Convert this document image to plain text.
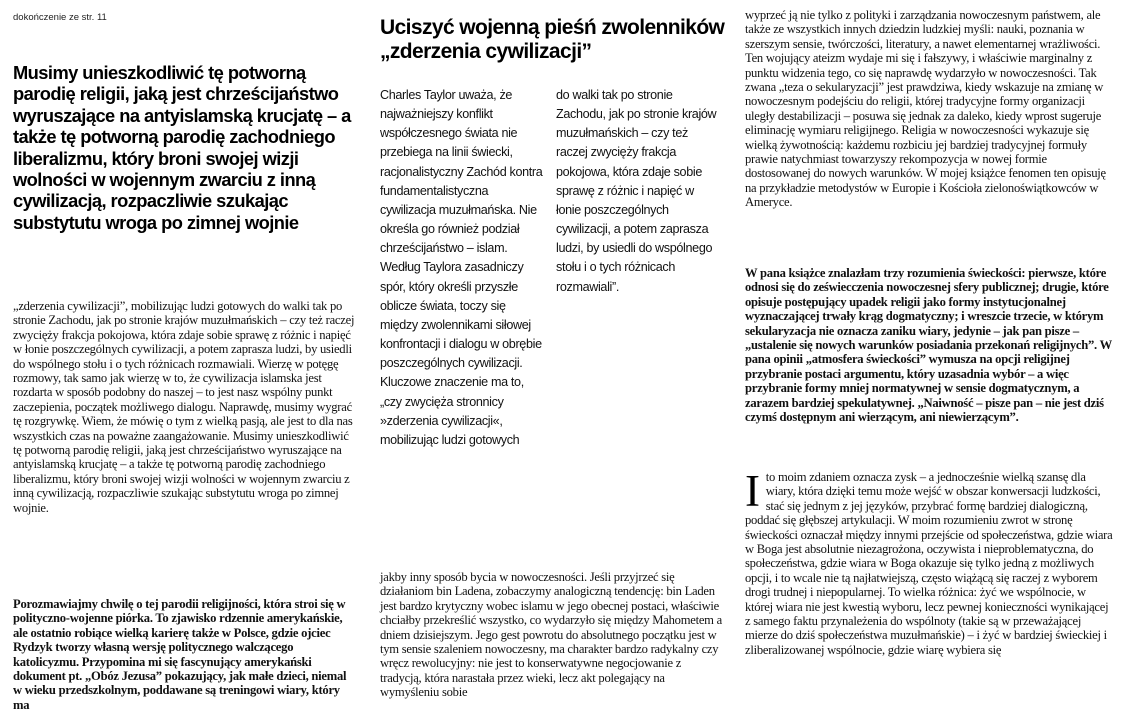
dokończenie ze str. 11
Musimy unieszkodliwić tę potworną parodię religii, jaką jest chrześcijaństwo wyruszające na antyislamską krucjatę – a także tę potworną parodię zachodniego liberalizmu, który broni swojej wizji wolności w wojennym zwarciu z inną cywilizacją, rozpaczliwie szukając substytutu wroga po zimnej wojnie

„zderzenia cywilizacji”, mobilizując ludzi gotowych do walki tak po stronie Zachodu, jak po stronie krajów muzułmańskich – czy też raczej zwycięży frakcja pokojowa, która zdaje sobie sprawę z różnic i napięć w łonie poszczególnych cywilizacji, a potem zaprasza ludzi, by usiedli do wspólnego stołu i o tych różnicach rozmawiali. Wierzę w potęgę rozmowy, tak samo jak wierzę w to, że cywilizacja islamska jest rozdarta w sposób podobny do naszej – to jest nasz wspólny punkt zaczepienia, początek możliwego dialogu. Naprawdę, musimy wygrać tę rozgrywkę. Wiem, że mówię o tym z wielką pasją, ale jest to dla nas wszystkich czas na poważne zaangażowanie. Musimy unieszkodliwić tę potworną parodię religii, jaką jest chrześcijaństwo wyruszające na antyislamską krucjatę – a także tę potworną parodię zachodniego liberalizmu, który broni swojej wizji wolności w wojennym zwarciu z inną cywilizacją, rozpaczliwie szukając substytutu wroga po zimnej wojnie.

Porozmawiajmy chwilę o tej parodii religijności, która stroi się w polityczno-wojenne piórka. To zjawisko rdzennie amerykańskie, ale ostatnio robiące wielką karierę także w Polsce, gdzie ojciec Rydzyk tworzy własną wersję politycznego walczącego katolicyzmu. Przypomina mi się fascynujący amerykański dokument pt. „Obóz Jezusa” pokazujący, jak małe dzieci, niemal w wieku przedszkolnym, poddawane są treningowi wiary, który ma

Uciszyć wojenną pieśń zwolenników „zderzenia cywilizacji”

Charles Taylor uważa, że najważniejszy konflikt współczesnego świata nie przebiega na linii świecki, racjonalistyczny Zachód kontra fundamentalistyczna cywilizacja muzułmańska. Nie określa go również podział chrześcijaństwo – islam. Według Taylora zasadniczy spór, który określi przyszłe oblicze świata, toczy się między zwolennikami siłowej konfrontacji i dialogu w obrębie poszczególnych cywilizacji. Kluczowe znaczenie ma to, „czy zwycięża stronnicy »zderzenia cywilizacji«, mobilizując ludzi gotowych

do walki tak po stronie Zachodu, jak po stronie krajów muzułmańskich – czy też raczej zwycięży frakcja pokojowa, która zdaje sobie sprawę z różnic i napięć w łonie poszczególnych cywilizacji, a potem zaprasza ludzi, by usiedli do wspólnego stołu i o tych różnicach rozmawiali”.

jakby inny sposób bycia w nowoczesności. Jeśli przyjrzeć się działaniom bin Ladena, zobaczymy analogiczną tendencję: bin Laden jest bardzo krytyczny wobec islamu w jego obecnej postaci, właściwie chciałby przekreślić wszystko, co wydarzyło się między Mahometem a dniem dzisiejszym. Jego gest powrotu do absolutnego początku jest w tym sensie szaleniem nowoczesny, ma charakter bardzo radykalny czy wręcz rewolucyjny: nie jest to konserwatywne negocjowanie z tradycją, która narastała przez wieki, lecz akt polegający na wymyśleniu sobie

wyprzeć ją nie tylko z polityki i zarządzania nowoczesnym państwem, ale także ze wszystkich innych dziedzin ludzkiej myśli: nauki, poznania w szerszym sensie, twórczości, literatury, a nawet elementarnej wrażliwości. Ten wojujący ateizm wydaje mi się i fałszywy, i właściwie marginalny z punktu widzenia tego, co się naprawdę wydarzyło w nowoczesności. Tak zwana „teza o sekularyzacji” jest prawdziwa, kiedy wskazuje na zmianę w nowoczesnym podejściu do religii, której tradycyjne formy organizacji uległy destabilizacji – posuwa się jednak za daleko, kiedy wprost sugeruje eliminację wymiaru religijnego. Religia w nowoczesności wykazuje się wielką żywotnością: każdemu rozbiciu jej bardziej tradycyjnej formuły prawie natychmiast towarzyszy rekompozycja w nowej formie dostosowanej do nowych warunków. W mojej książce fenomen ten opisuję na przykładzie metodystów w Europie i Kościoła zielonoświątkowców w Ameryce.

W pana książce znalazłam trzy rozumienia świeckości: pierwsze, które odnosi się do zeświecczenia nowoczesnej sfery publicznej; drugie, które opisuje postępujący upadek religii jako formy instytucjonalnej wyznaczającej trwały krąg dogmatyczny; i wreszcie trzecie, w którym sekularyzacja nie oznacza zaniku wiary, jedynie – jak pan pisze – „ustalenie się nowych warunków posiadania przekonań religijnych”. W pana opinii „atmosfera świeckości” wymusza na opcji religijnej przybranie postaci argumentu, który uzasadnia wybór – a więc przybranie formy mniej normatywnej w sensie dogmatycznym, a zarazem bardziej spekulatywnej. „Naiwność – pisze pan – nie jest dziś czymś dostępnym ani wierzącym, ani niewierzącym”.

I to moim zdaniem oznacza zysk – a jednocześnie wielką szansę dla wiary, która dzięki temu może wejść w obszar konwersacji ludzkości, stać się jednym z jej języków, przybrać formę bardziej dialogiczną, poddać się głębszej artykulacji. W moim rozumieniu zwrot w stronę świeckości oznaczał między innymi przejście od społeczeństwa, gdzie wiara w Boga jest absolutnie niezagrożona, oczywista i nieproblematyczna, do społeczeństwa, gdzie wiara w Boga okazuje się tylko jedną z możliwych opcji, i to wcale nie tą najłatwiejszą, często wiążącą się raczej z wyborem drogi trudnej i niepopularnej. To wielka różnica: żyć we wspólnocie, w której wiara nie jest kwestią wyboru, lecz pewnej konieczności wynikającej z samego faktu przynależenia do wspólnoty (takie są w przeważającej mierze do dziś społeczeństwa muzułmańskie) – i żyć w bardziej świeckiej i zliberalizowanej wspólnocie, gdzie wiarę wybiera się
